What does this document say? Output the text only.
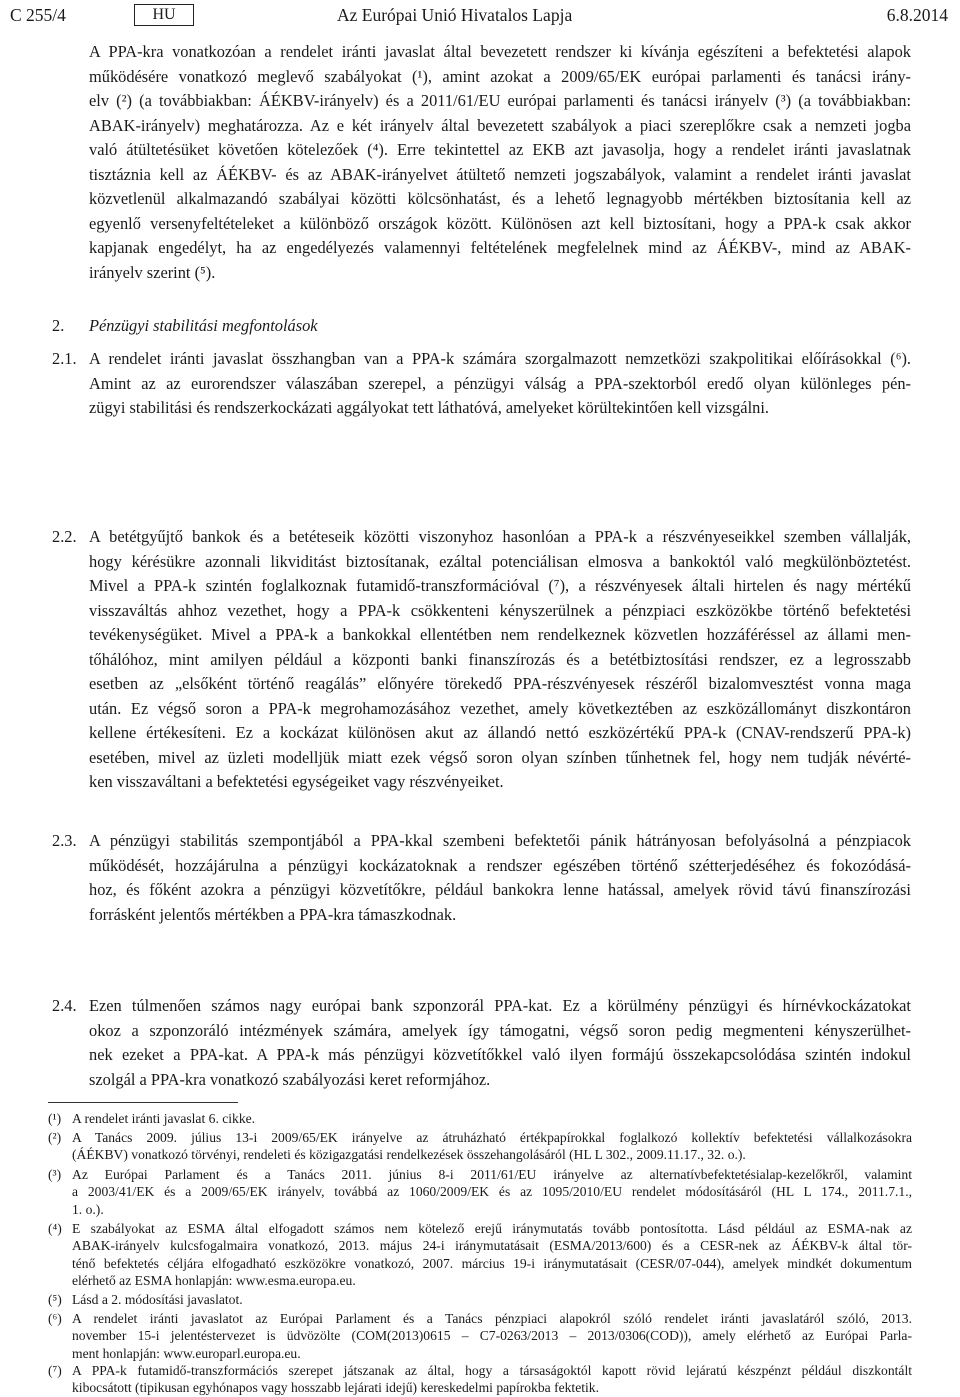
C 255/4	HU	Az Európai Unió Hivatalos Lapja	6.8.2014
A PPA-kra vonatkozóan a rendelet iránti javaslat által bevezetett rendszer ki kívánja egészíteni a befektetési alapok
működésére vonatkozó meglevő szabályokat (¹), amint azokat a 2009/65/EK európai parlamenti és tanácsi irány-
elv (²) (a továbbiakban: ÁÉKBV-irányelv) és a 2011/61/EU európai parlamenti és tanácsi irányelv (³) (a továbbiakban:
ABAK-irányelv) meghatározza. Az e két irányelv által bevezetett szabályok a piaci szereplőkre csak a nemzeti jogba
való átültetésüket követően kötelezőek (⁴). Erre tekintettel az EKB azt javasolja, hogy a rendelet iránti javaslatnak
tisztáznia kell az ÁÉKBV- és az ABAK-irányelvet átültető nemzeti jogszabályok, valamint a rendelet iránti javaslat
közvetlenül alkalmazandó szabályai közötti kölcsönhatást, és a lehető legnagyobb mértékben biztosítania kell az
egyenlő versenyfeltételeket a különböző országok között. Különösen azt kell biztosítani, hogy a PPA-k csak akkor
kapjanak engedélyt, ha az engedélyezés valamennyi feltételének megfelelnek mind az ÁÉKBV-, mind az ABAK-
irányelv szerint (⁵).
2. Pénzügyi stabilitási megfontolások
2.1. A rendelet iránti javaslat összhangban van a PPA-k számára szorgalmazott nemzetközi szakpolitikai előírásokkal (⁶).
Amint az az eurorendszer válaszában szerepel, a pénzügyi válság a PPA-szektorból eredő olyan különleges pén-
zügyi stabilitási és rendszerkockázati aggályokat tett láthatóvá, amelyeket körültekintően kell vizsgálni.
2.2. A betétgyűjtő bankok és a betéteseik közötti viszonyhoz hasonlóan a PPA-k a részvényeseikkel szemben vállalják,
hogy kérésükre azonnali likviditást biztosítanak, ezáltal potenciálisan elmosva a bankoktól való megkülönböztetést.
Mivel a PPA-k szintén foglalkoznak futamidő-transzformációval (⁷), a részvényesek általi hirtelen és nagy mértékű
visszaváltás ahhoz vezethet, hogy a PPA-k csökkenteni kényszerülnek a pénzpiaci eszközökbe történő befektetési
tevékenységüket. Mivel a PPA-k a bankokkal ellentétben nem rendelkeznek közvetlen hozzáféréssel az állami men-
tőhálóhoz, mint amilyen például a központi banki finanszírozás és a betétbiztosítási rendszer, ez a legrosszabb
esetben az „elsőként történő reagálás” előnyére törekedő PPA-részvényesek részéről bizalomvesztést vonna maga
után. Ez végső soron a PPA-k megrohamozásához vezethet, amely következtében az eszközállományt diszkontáron
kellene értékesíteni. Ez a kockázat különösen akut az állandó nettó eszközértékű PPA-k (CNAV-rendszerű PPA-k)
esetében, mivel az üzleti modelljük miatt ezek végső soron olyan színben tűnhetnek fel, hogy nem tudják névérté-
ken visszaváltani a befektetési egységeiket vagy részvényeiket.
2.3. A pénzügyi stabilitás szempontjából a PPA-kkal szembeni befektetői pánik hátrányosan befolyásolná a pénzpiacok
működését, hozzájárulna a pénzügyi kockázatoknak a rendszer egészében történő szétterjedéséhez és fokozódásá-
hoz, és főként azokra a pénzügyi közvetítőkre, például bankokra lenne hatással, amelyek rövid távú finanszírozási
forrásként jelentős mértékben a PPA-kra támaszkodnak.
2.4. Ezen túlmenően számos nagy európai bank szponzorál PPA-kat. Ez a körülmény pénzügyi és hírnévkockázatokat
okoz a szponzoráló intézmények számára, amelyek így támogatni, végső soron pedig megmenteni kényszerülhet-
nek ezeket a PPA-kat. A PPA-k más pénzügyi közvetítőkkel való ilyen formájú összekapcsolódása szintén indokul
szolgál a PPA-kra vonatkozó szabályozási keret reformjához.
(¹) A rendelet iránti javaslat 6. cikke.
(²) A Tanács 2009. július 13-i 2009/65/EK irányelve az átruházható értékpapírokkal foglalkozó kollektív befektetési vállalkozásokra
(ÁÉKBV) vonatkozó törvényi, rendeleti és közigazgatási rendelkezések összehangolásáról (HL L 302., 2009.11.17., 32. o.).
(³) Az Európai Parlament és a Tanács 2011. június 8-i 2011/61/EU irányelve az alternatívbefektetésialap-kezelőkről, valamint
a 2003/41/EK és a 2009/65/EK irányelv, továbbá az 1060/2009/EK és az 1095/2010/EU rendelet módosításáról (HL L 174., 2011.7.1.,
1. o.).
(⁴) E szabályokat az ESMA által elfogadott számos nem kötelező erejű iránymutatás tovább pontosította. Lásd például az ESMA-nak az
ABAK-irányelv kulcsfogalmaira vonatkozó, 2013. május 24-i iránymutatásait (ESMA/2013/600) és a CESR-nek az ÁÉKBV-k által tör-
ténő befektetés céljára elfogadható eszközökre vonatkozó, 2007. március 19-i iránymutatásait (CESR/07-044), amelyek mindkét dokumentum
elérhető az ESMA honlapján: www.esma.europa.eu.
(⁵) Lásd a 2. módosítási javaslatot.
(⁶) A rendelet iránti javaslatot az Európai Parlament és a Tanács pénzpiaci alapokról szóló rendelet iránti javaslatáról szóló, 2013.
november 15-i jelentéstervezet is üdvözölte (COM(2013)0615 – C7-0263/2013 – 2013/0306(COD)), amely elérhető az Európai Parla-
ment honlapján: www.europarl.europa.eu.
(⁷) A PPA-k futamidő-transzformációs szerepet játszanak az által, hogy a társaságoktól kapott rövid lejáratú készpénzt például diszkontált
kibocsátott (tipikusan egyhónapos vagy hosszabb lejárati idejű) kereskedelmi papírokba fektetik.
